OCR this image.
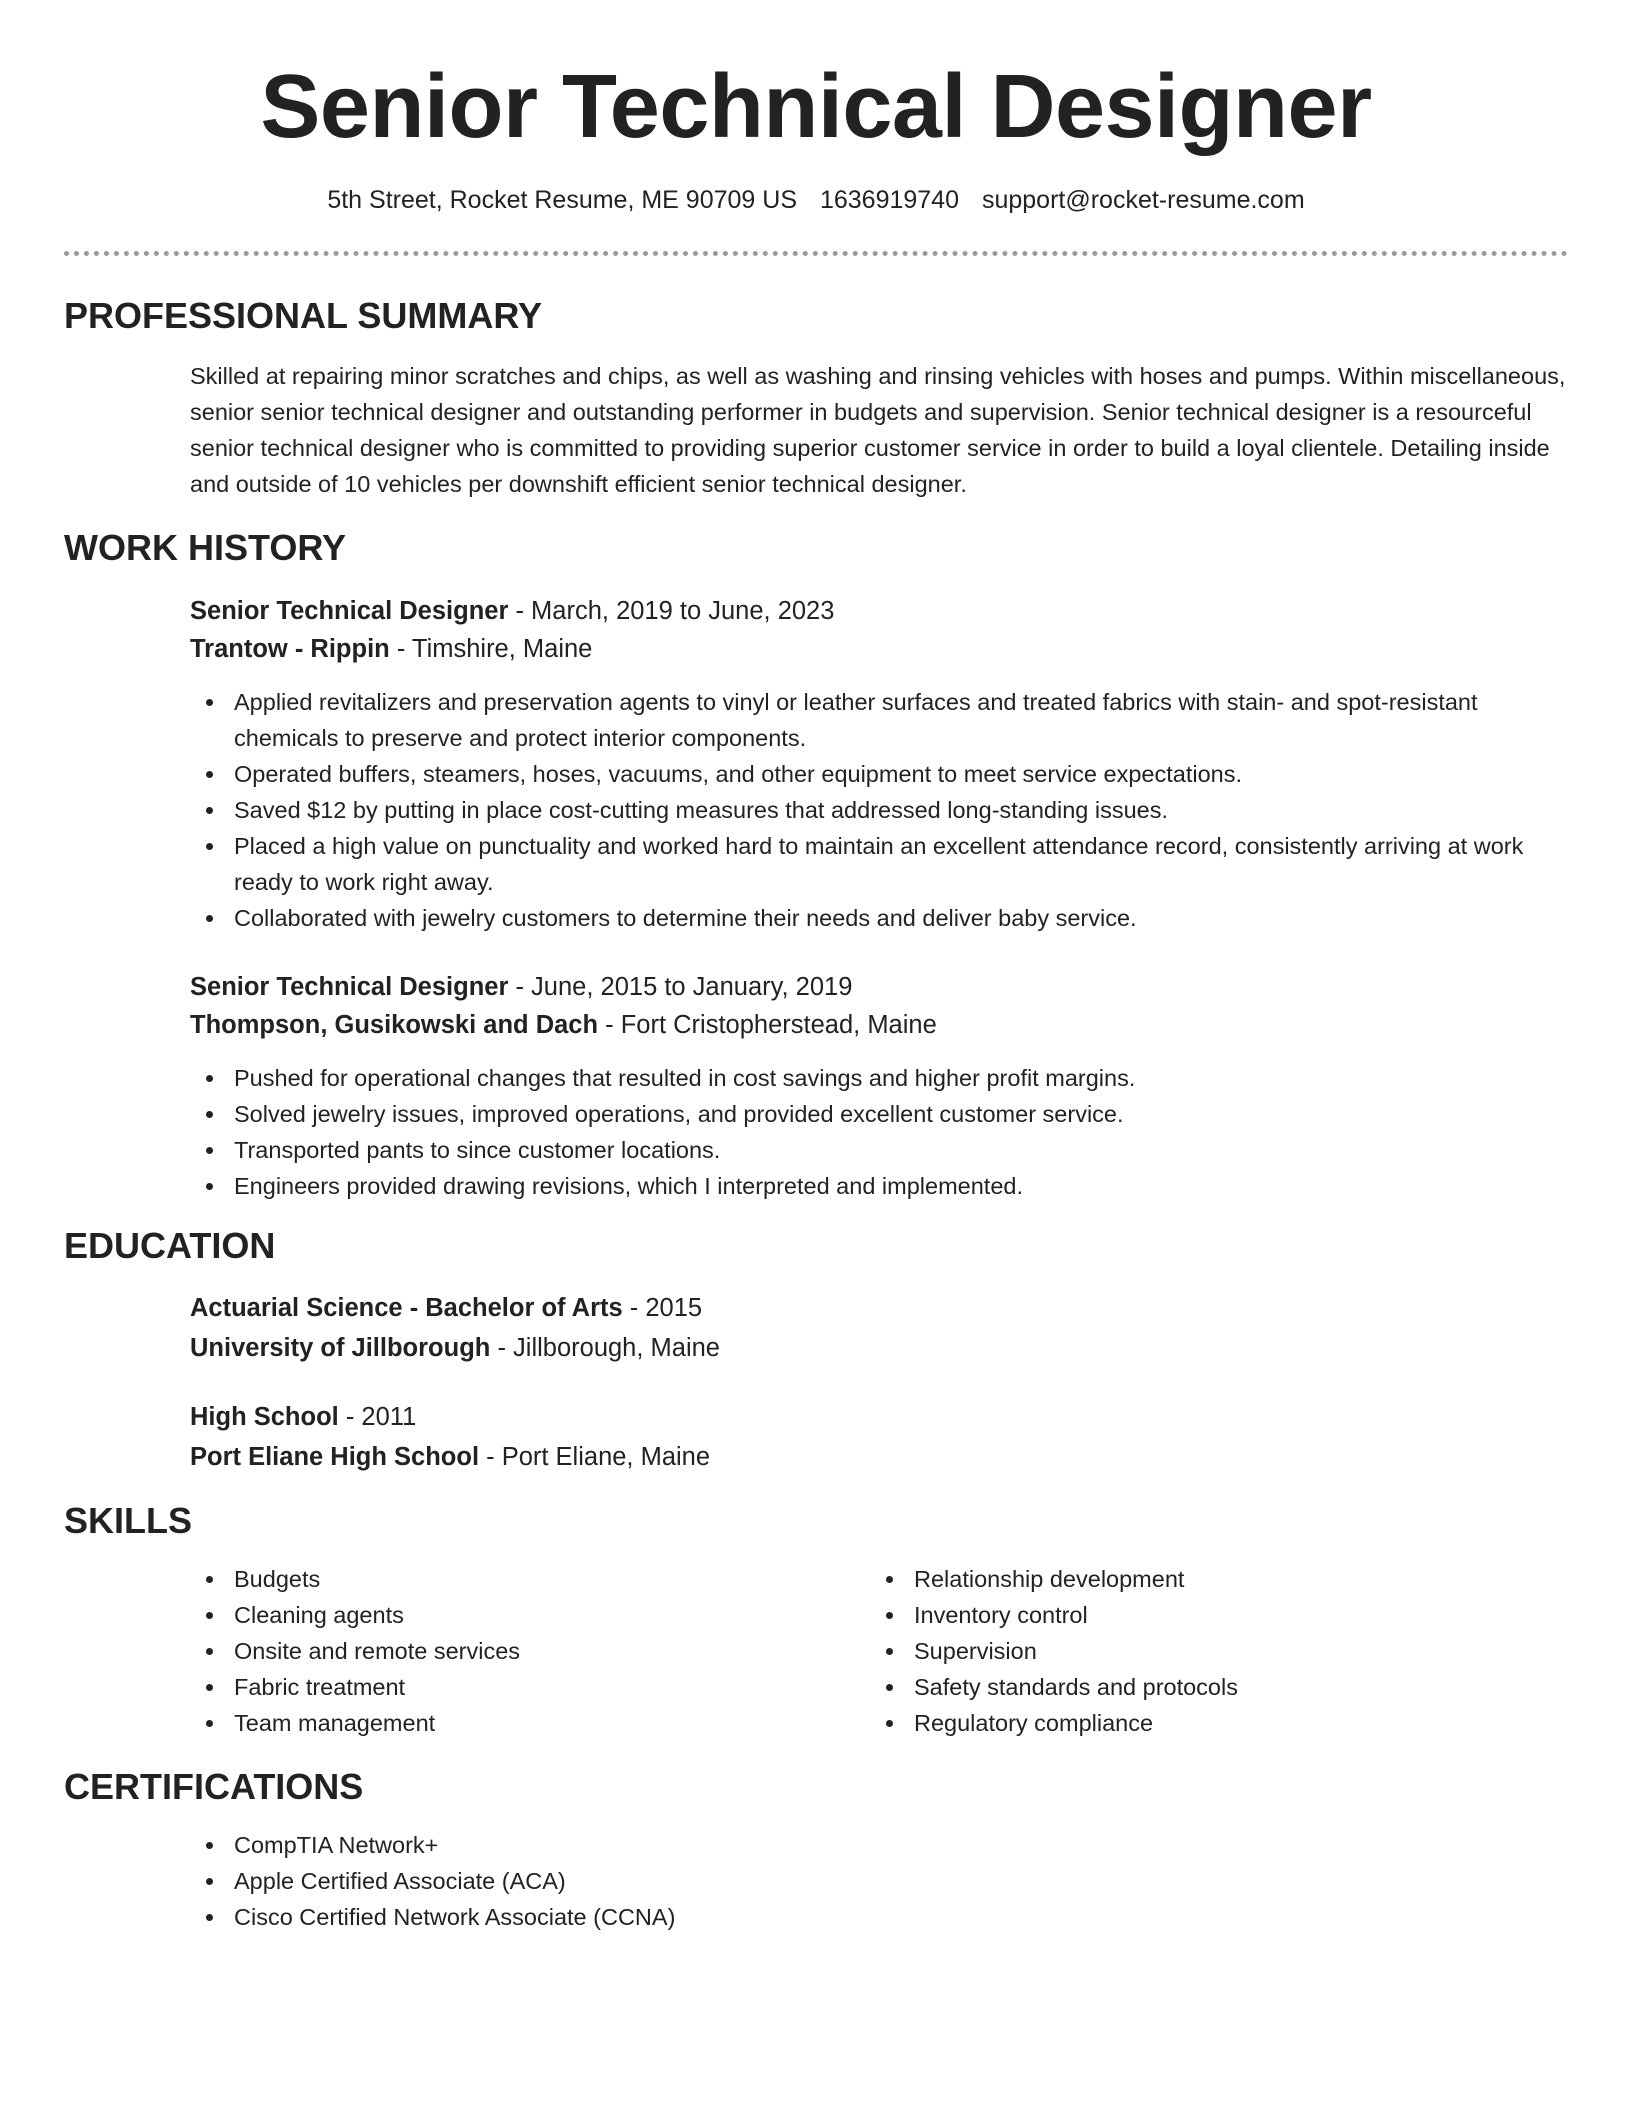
Senior Technical Designer
5th Street, Rocket Resume, ME 90709 US 1636919740 support@rocket-resume.com
PROFESSIONAL SUMMARY

Skilled at repairing minor scratches and chips, as well as washing and rinsing vehicles with hoses and pumps. Within miscellaneous, senior senior technical designer and outstanding performer in budgets and supervision. Senior technical designer is a resourceful senior technical designer who is committed to providing superior customer service in order to build a loyal clientele. Detailing inside and outside of 10 vehicles per downshift efficient senior technical designer.

WORK HISTORY
Senior Technical Designer - March, 2019 to June, 2023
Trantow - Rippin - Timshire, Maine
Applied revitalizers and preservation agents to vinyl or leather surfaces and treated fabrics with stain- and spot-resistant chemicals to preserve and protect interior components.
Operated buffers, steamers, hoses, vacuums, and other equipment to meet service expectations.
Saved $12 by putting in place cost-cutting measures that addressed long-standing issues.
Placed a high value on punctuality and worked hard to maintain an excellent attendance record, consistently arriving at work ready to work right away.
Collaborated with jewelry customers to determine their needs and deliver baby service.
Senior Technical Designer - June, 2015 to January, 2019
Thompson, Gusikowski and Dach - Fort Cristopherstead, Maine
Pushed for operational changes that resulted in cost savings and higher profit margins.
Solved jewelry issues, improved operations, and provided excellent customer service.
Transported pants to since customer locations.
Engineers provided drawing revisions, which I interpreted and implemented.
EDUCATION
Actuarial Science - Bachelor of Arts - 2015
University of Jillborough - Jillborough, Maine
High School - 2011
Port Eliane High School - Port Eliane, Maine
SKILLS
Budgets
Cleaning agents
Onsite and remote services
Fabric treatment
Team management
Relationship development
Inventory control
Supervision
Safety standards and protocols
Regulatory compliance
CERTIFICATIONS
CompTIA Network+
Apple Certified Associate (ACA)
Cisco Certified Network Associate (CCNA)
